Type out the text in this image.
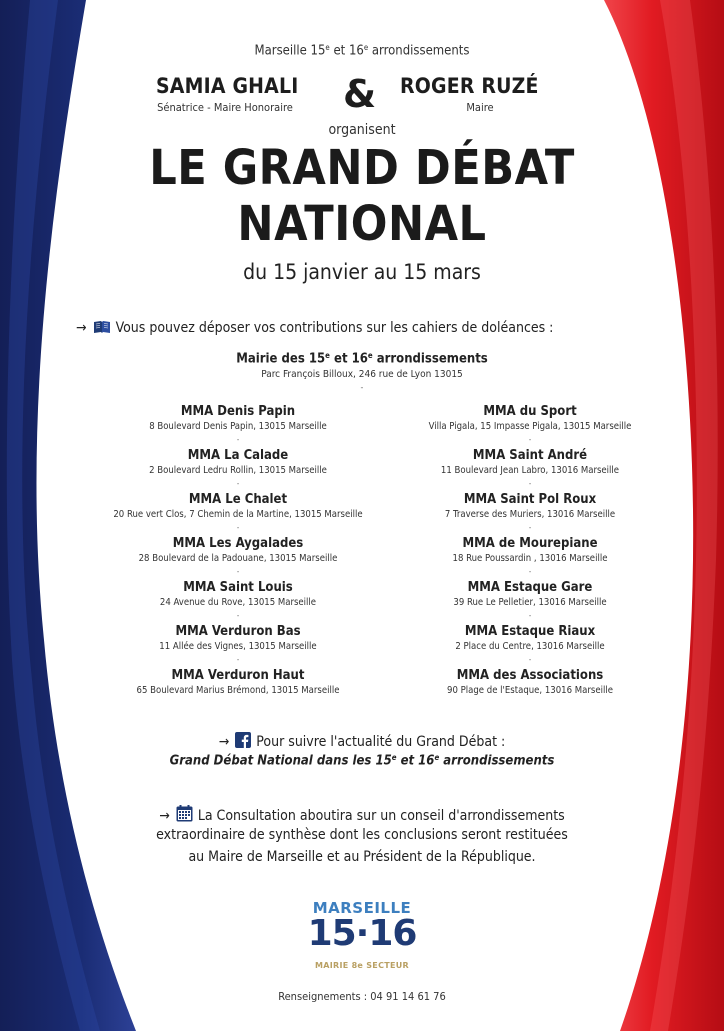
Marseille 15e et 16e arrondissements
SAMIA GHALI
Sénatrice - Maire Honoraire & ROGER RUZÉ
Maire
organisent
LE GRAND DÉBAT
NATIONAL
du 15 janvier au 15 mars
→ Vous pouvez déposer vos contributions sur les cahiers de doléances :
Mairie des 15e et 16e arrondissements
Parc François Billoux, 246 rue de Lyon 13015
-
MMA Denis Papin
8 Boulevard Denis Papin, 13015 Marseille
-
MMA La Calade
2 Boulevard Ledru Rollin, 13015 Marseille
-
MMA Le Chalet
20 Rue vert Clos, 7 Chemin de la Martine, 13015 Marseille
-
MMA Les Aygalades
28 Boulevard de la Padouane, 13015 Marseille
-
MMA Saint Louis
24 Avenue du Rove, 13015 Marseille
-
MMA Verduron Bas
11 Allée des Vignes, 13015 Marseille
-
MMA Verduron Haut
65 Boulevard Marius Brémond, 13015 Marseille
MMA du Sport
Villa Pigala, 15 Impasse Pigala, 13015 Marseille
-
MMA Saint André
11 Boulevard Jean Labro, 13016 Marseille
-
MMA Saint Pol Roux
7 Traverse des Muriers, 13016 Marseille
-
MMA de Mourepiane
18 Rue Poussardin , 13016 Marseille
-
MMA Estaque Gare
39 Rue Le Pelletier, 13016 Marseille
-
MMA Estaque Riaux
2 Place du Centre, 13016 Marseille
-
MMA des Associations
90 Plage de l'Estaque, 13016 Marseille
→ Pour suivre l'actualité du Grand Débat :
Grand Débat National dans les 15e et 16e arrondissements
→ La Consultation aboutira sur un conseil d'arrondissements
extraordinaire de synthèse dont les conclusions seront restituées
au Maire de Marseille et au Président de la République.
MARSEILLE
15·16
MAIRIE 8e SECTEUR
Renseignements : 04 91 14 61 76
